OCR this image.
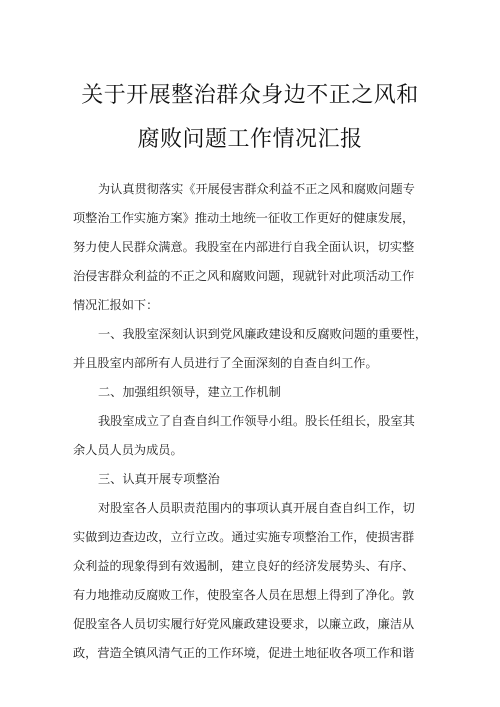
关于开展整治群众身边不正之风和
腐败问题工作情况汇报
为认真贯彻落实《开展侵害群众利益不正之风和腐败问题专
项整治工作实施方案》推动土地统一征收工作更好的健康发展，
努力使人民群众满意。我股室在内部进行自我全面认识，切实整
治侵害群众利益的不正之风和腐败问题，现就针对此项活动工作
情况汇报如下：
一、我股室深刻认识到党风廉政建设和反腐败问题的重要性，
并且股室内部所有人员进行了全面深刻的自查自纠工作。
二、加强组织领导，建立工作机制
我股室成立了自查自纠工作领导小组。股长任组长，股室其
余人员人员为成员。
三、认真开展专项整治
对股室各人员职责范围内的事项认真开展自查自纠工作，切
实做到边查边改，立行立改。通过实施专项整治工作，使损害群
众利益的现象得到有效遏制，建立良好的经济发展势头、有序、
有力地推动反腐败工作，使股室各人员在思想上得到了净化。敦
促股室各人员切实履行好党风廉政建设要求，以廉立政，廉洁从
政，营造全镇风清气正的工作环境，促进土地征收各项工作和谐
